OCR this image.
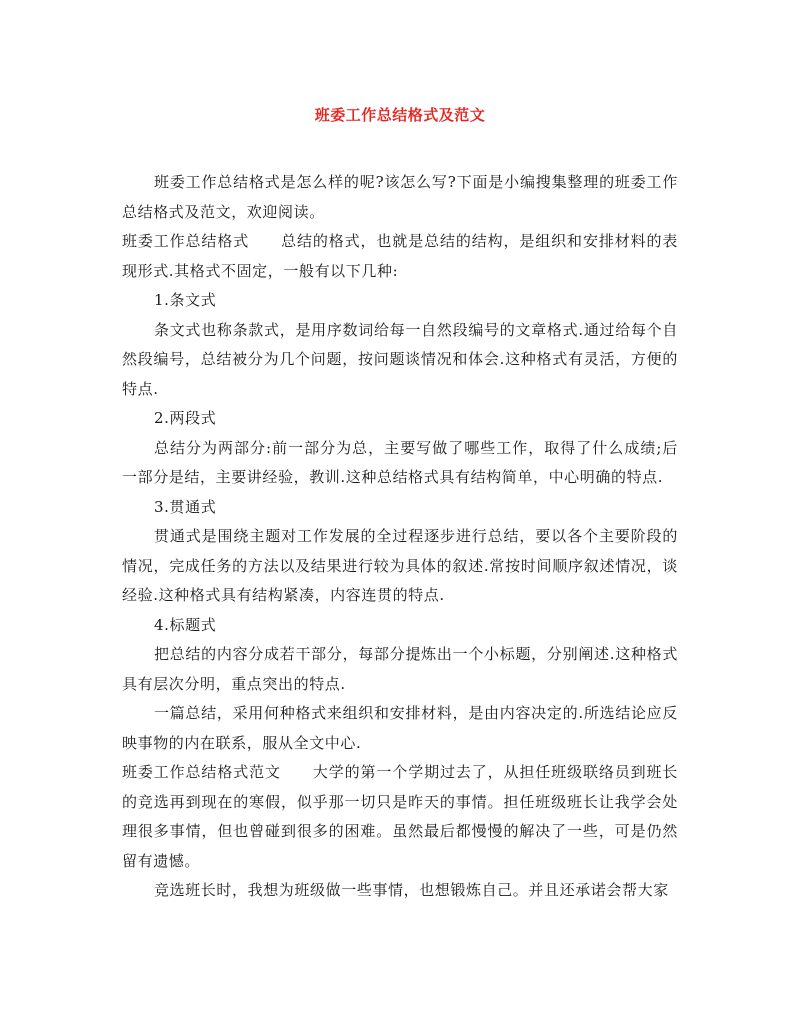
班委工作总结格式及范文

班委工作总结格式是怎么样的呢?该怎么写?下面是小编搜集整理的班委工作总结格式及范文，欢迎阅读。

班委工作总结格式 总结的格式，也就是总结的结构，是组织和安排材料的表现形式.其格式不固定，一般有以下几种:

1.条文式

条文式也称条款式，是用序数词给每一自然段编号的文章格式.通过给每个自然段编号，总结被分为几个问题，按问题谈情况和体会.这种格式有灵活，方便的特点.

2.两段式

总结分为两部分:前一部分为总，主要写做了哪些工作，取得了什么成绩;后一部分是结，主要讲经验，教训.这种总结格式具有结构简单，中心明确的特点.

3.贯通式

贯通式是围绕主题对工作发展的全过程逐步进行总结，要以各个主要阶段的情况，完成任务的方法以及结果进行较为具体的叙述.常按时间顺序叙述情况，谈经验.这种格式具有结构紧凑，内容连贯的特点.

4.标题式

把总结的内容分成若干部分，每部分提炼出一个小标题，分别阐述.这种格式具有层次分明，重点突出的特点.

一篇总结，采用何种格式来组织和安排材料，是由内容决定的.所选结论应反映事物的内在联系，服从全文中心.

班委工作总结格式范文 大学的第一个学期过去了，从担任班级联络员到班长的竞选再到现在的寒假，似乎那一切只是昨天的事情。担任班级班长让我学会处理很多事情，但也曾碰到很多的困难。虽然最后都慢慢的解决了一些，可是仍然留有遗憾。

竞选班长时，我想为班级做一些事情，也想锻炼自己。并且还承诺会帮大家
